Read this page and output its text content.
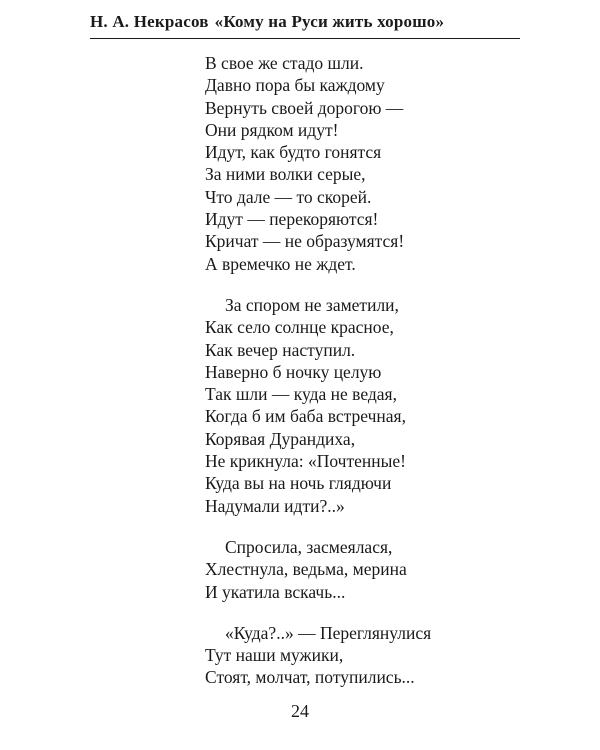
Н. А. Некрасов «Кому на Руси жить хорошо»
В свое же стадо шли.
Давно пора бы каждому
Вернуть своей дорогою —
Они рядком идут!
Идут, как будто гонятся
За ними волки серые,
Что дале — то скорей.
Идут — перекоряются!
Кричат — не образумятся!
А времечко не ждет.
За спором не заметили,
Как село солнце красное,
Как вечер наступил.
Наверно б ночку целую
Так шли — куда не ведая,
Когда б им баба встречная,
Корявая Дурандиха,
Не крикнула: «Почтенные!
Куда вы на ночь глядючи
Надумали идти?..»
Спросила, засмеялася,
Хлестнула, ведьма, мерина
И укатила вскачь...
«Куда?..» — Переглянулися
Тут наши мужики,
Стоят, молчат, потупились...
24
